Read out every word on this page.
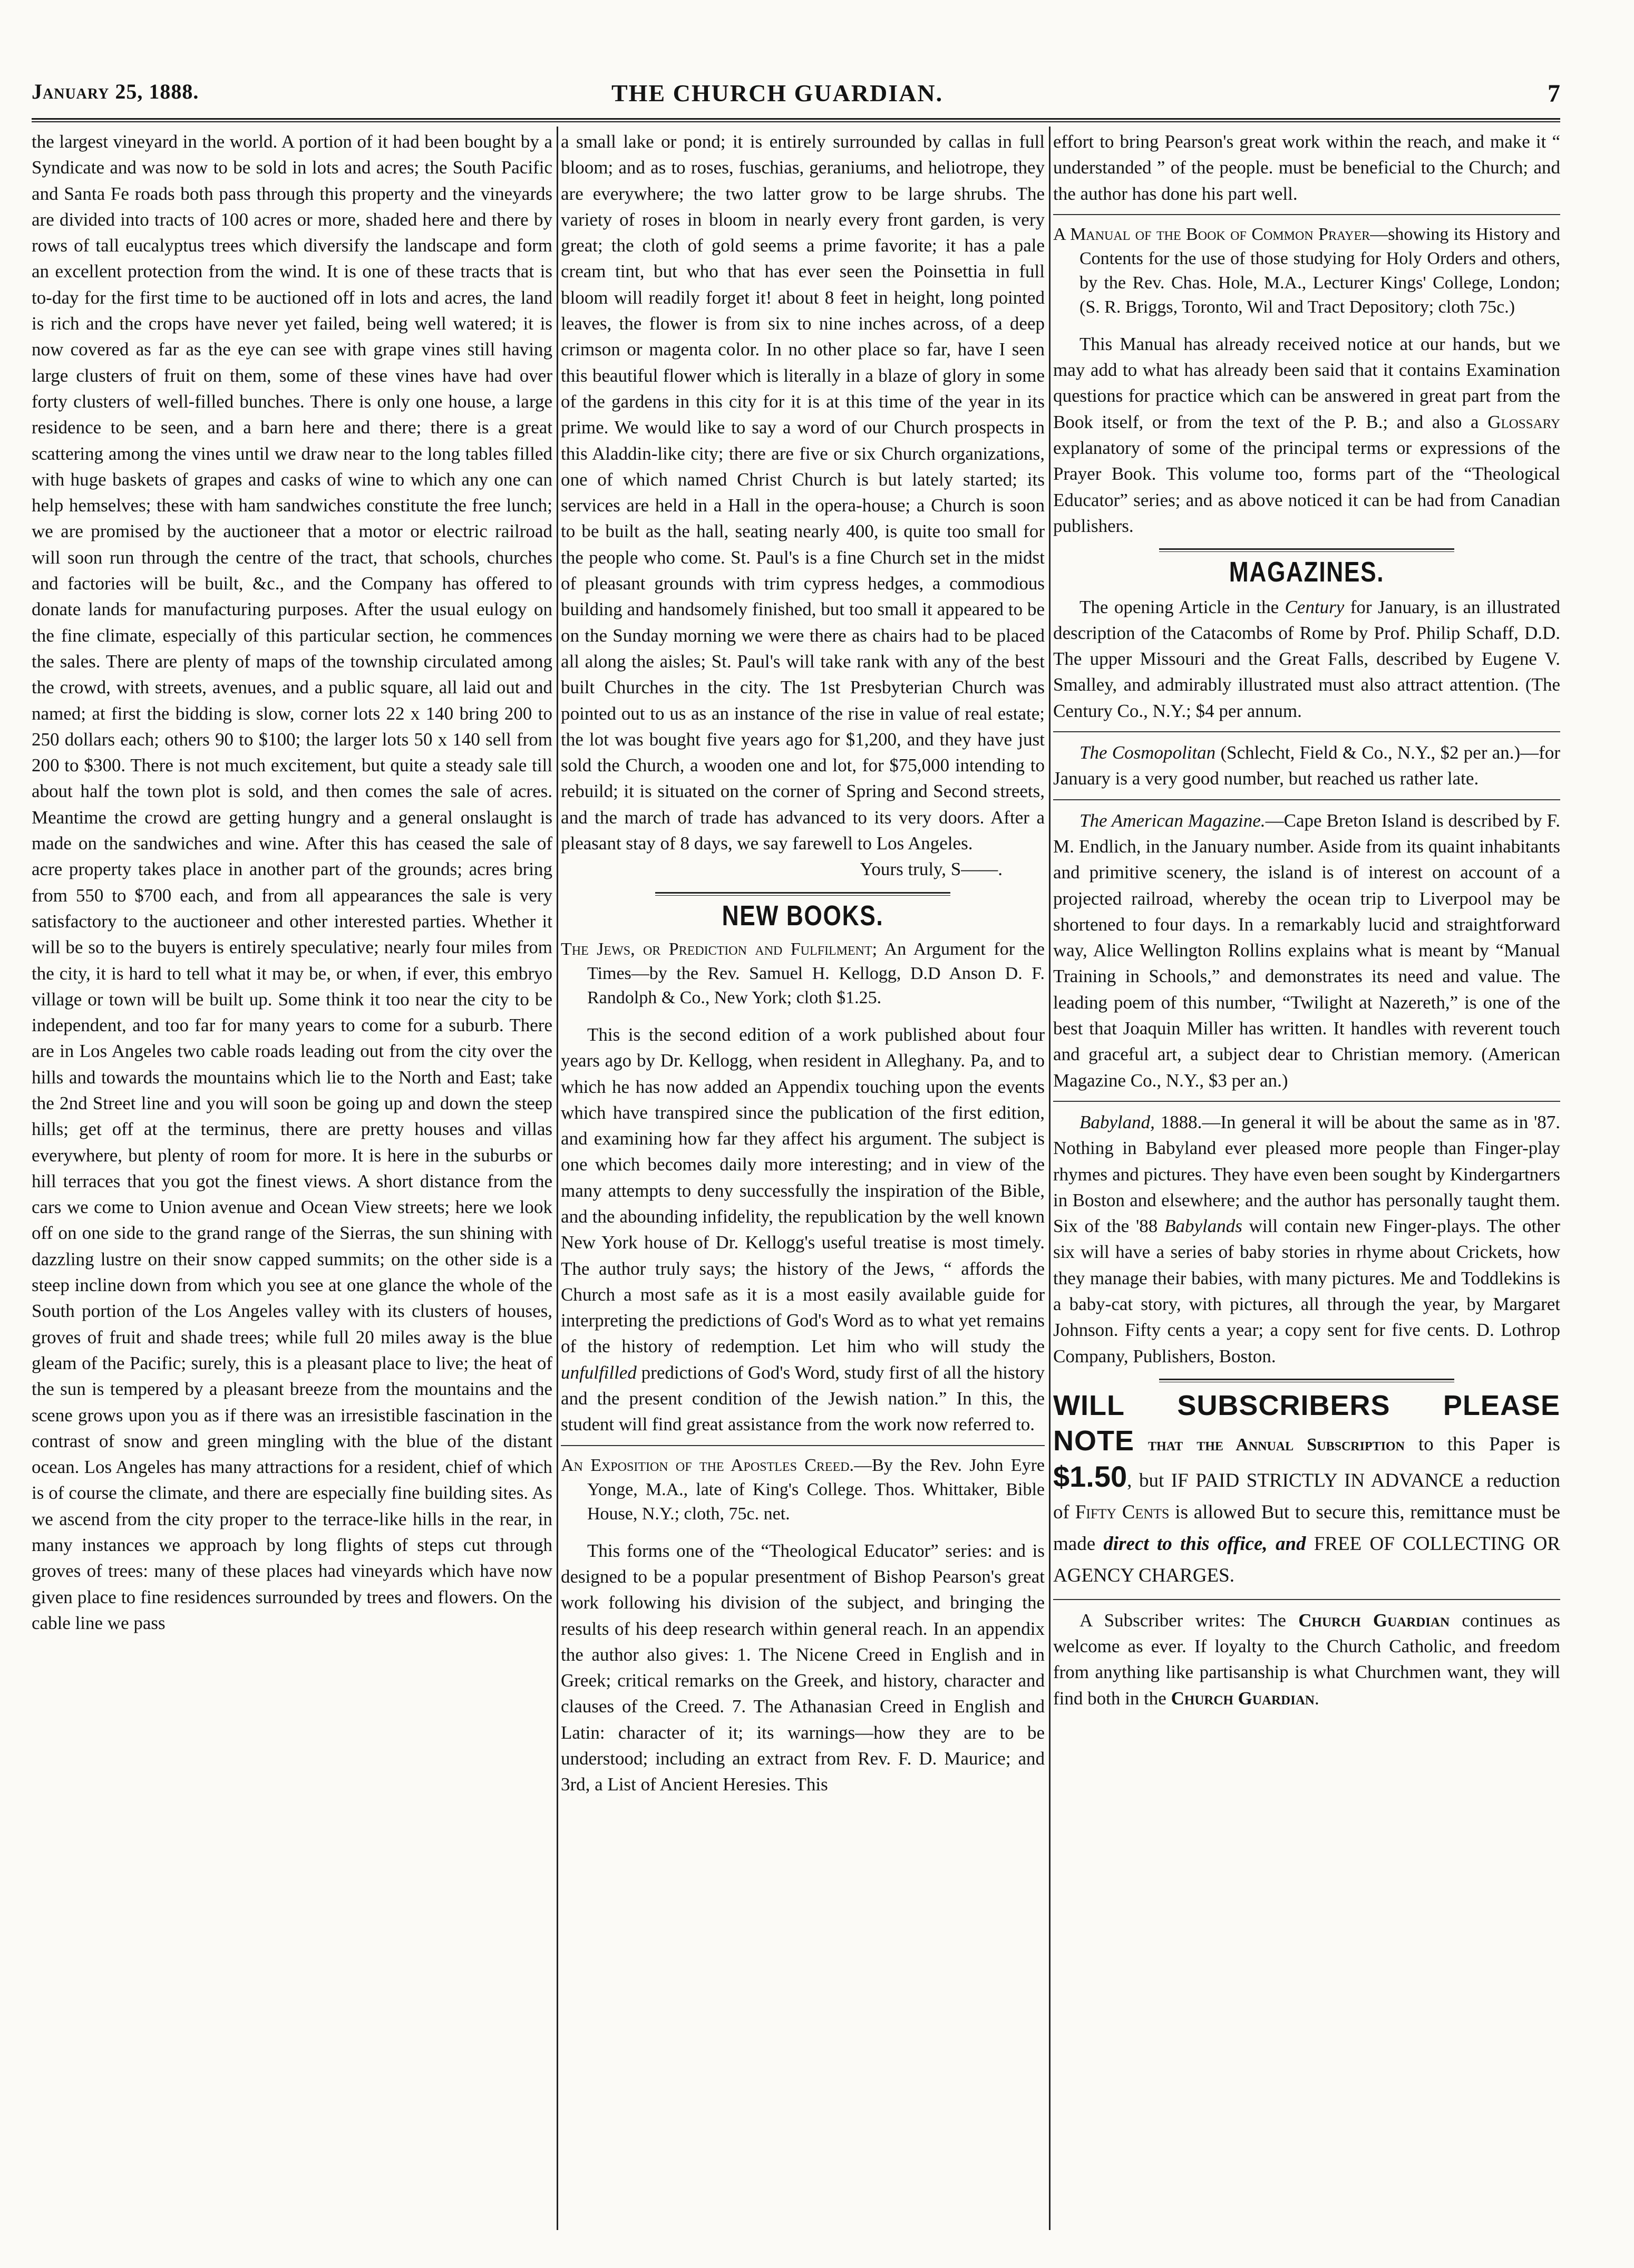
January 25, 1888.	THE CHURCH GUARDIAN.	7

the largest vineyard in the world. A portion of it had been bought by a Syndicate and was now to be sold in lots and acres; the South Pacific and Santa Fe roads both pass through this property and the vineyards are divided into tracts of 100 acres or more, shaded here and there by rows of tall eucalyptus trees which diversify the landscape and form an excellent protection from the wind. It is one of these tracts that is to-day for the first time to be auctioned off in lots and acres, the land is rich and the crops have never yet failed, being well watered; it is now covered as far as the eye can see with grape vines still having large clusters of fruit on them, some of these vines have had over forty clusters of well-filled bunches. There is only one house, a large residence to be seen, and a barn here and there; there is a great scattering among the vines until we draw near to the long tables filled with huge baskets of grapes and casks of wine to which any one can help hemselves; these with ham sandwiches constitute the free lunch; we are promised by the auctioneer that a motor or electric railroad will soon run through the centre of the tract, that schools, churches and factories will be built, &c., and the Company has offered to donate lands for manufacturing purposes. After the usual eulogy on the fine climate, especially of this particular section, he commences the sales. There are plenty of maps of the township circulated among the crowd, with streets, avenues, and a public square, all laid out and named; at first the bidding is slow, corner lots 22 x 140 bring 200 to 250 dollars each; others 90 to $100; the larger lots 50 x 140 sell from 200 to $300. There is not much excitement, but quite a steady sale till about half the town plot is sold, and then comes the sale of acres. Meantime the crowd are getting hungry and a general onslaught is made on the sandwiches and wine. After this has ceased the sale of acre property takes place in another part of the grounds; acres bring from 550 to $700 each, and from all appearances the sale is very satisfactory to the auctioneer and other interested parties. Whether it will be so to the buyers is entirely speculative; nearly four miles from the city, it is hard to tell what it may be, or when, if ever, this embryo village or town will be built up. Some think it too near the city to be independent, and too far for many years to come for a suburb. There are in Los Angeles two cable roads leading out from the city over the hills and towards the mountains which lie to the North and East; take the 2nd Street line and you will soon be going up and down the steep hills; get off at the terminus, there are pretty houses and villas everywhere, but plenty of room for more. It is here in the suburbs or hill terraces that you got the finest views. A short distance from the cars we come to Union avenue and Ocean View streets; here we look off on one side to the grand range of the Sierras, the sun shining with dazzling lustre on their snow capped summits; on the other side is a steep incline down from which you see at one glance the whole of the South portion of the Los Angeles valley with its clusters of houses, groves of fruit and shade trees; while full 20 miles away is the blue gleam of the Pacific; surely, this is a pleasant place to live; the heat of the sun is tempered by a pleasant breeze from the mountains and the scene grows upon you as if there was an irresistible fascination in the contrast of snow and green mingling with the blue of the distant ocean. Los Angeles has many attractions for a resident, chief of which is of course the climate, and there are especially fine building sites. As we ascend from the city proper to the terrace-like hills in the rear, in many instances we approach by long flights of steps cut through groves of trees: many of these places had vineyards which have now given place to fine residences surrounded by trees and flowers. On the cable line we pass

a small lake or pond; it is entirely surrounded by callas in full bloom; and as to roses, fuschias, geraniums, and heliotrope, they are everywhere; the two latter grow to be large shrubs. The variety of roses in bloom in nearly every front garden, is very great; the cloth of gold seems a prime favorite; it has a pale cream tint, but who that has ever seen the Poinsettia in full bloom will readily forget it! about 8 feet in height, long pointed leaves, the flower is from six to nine inches across, of a deep crimson or magenta color. In no other place so far, have I seen this beautiful flower which is literally in a blaze of glory in some of the gardens in this city for it is at this time of the year in its prime. We would like to say a word of our Church prospects in this Aladdin-like city; there are five or six Church organizations, one of which named Christ Church is but lately started; its services are held in a Hall in the opera-house; a Church is soon to be built as the hall, seating nearly 400, is quite too small for the people who come. St. Paul's is a fine Church set in the midst of pleasant grounds with trim cypress hedges, a commodious building and handsomely finished, but too small it appeared to be on the Sunday morning we were there as chairs had to be placed all along the aisles; St. Paul's will take rank with any of the best built Churches in the city. The 1st Presbyterian Church was pointed out to us as an instance of the rise in value of real estate; the lot was bought five years ago for $1,200, and they have just sold the Church, a wooden one and lot, for $75,000 intending to rebuild; it is situated on the corner of Spring and Second streets, and the march of trade has advanced to its very doors. After a pleasant stay of 8 days, we say farewell to Los Angeles.

Yours truly, S——.

NEW BOOKS.

The Jews, or Prediction and Fulfilment; An Argument for the Times—by the Rev. Samuel H. Kellogg, D.D Anson D. F. Randolph & Co., New York; cloth $1.25.

This is the second edition of a work published about four years ago by Dr. Kellogg, when resident in Alleghany. Pa, and to which he has now added an Appendix touching upon the events which have transpired since the publication of the first edition, and examining how far they affect his argument. The subject is one which becomes daily more interesting; and in view of the many attempts to deny successfully the inspiration of the Bible, and the abounding infidelity, the republication by the well known New York house of Dr. Kellogg's useful treatise is most timely. The author truly says; the history of the Jews, “ affords the Church a most safe as it is a most easily available guide for interpreting the predictions of God's Word as to what yet remains of the history of redemption. Let him who will study the unfulfilled predictions of God's Word, study first of all the history and the present condition of the Jewish nation.” In this, the student will find great assistance from the work now referred to.

An Exposition of the Apostles Creed.—By the Rev. John Eyre Yonge, M.A., late of King's College. Thos. Whittaker, Bible House, N.Y.; cloth, 75c. net.

This forms one of the “Theological Educator” series: and is designed to be a popular presentment of Bishop Pearson's great work following his division of the subject, and bringing the results of his deep research within general reach. In an appendix the author also gives: 1. The Nicene Creed in English and in Greek; critical remarks on the Greek, and history, character and clauses of the Creed. 7. The Athanasian Creed in English and Latin: character of it; its warnings—how they are to be understood; including an extract from Rev. F. D. Maurice; and 3rd, a List of Ancient Heresies. This

effort to bring Pearson's great work within the reach, and make it “ understanded ” of the people. must be beneficial to the Church; and the author has done his part well.

A Manual of the Book of Common Prayer—showing its History and Contents for the use of those studying for Holy Orders and others, by the Rev. Chas. Hole, M.A., Lecturer Kings' College, London; (S. R. Briggs, Toronto, Wil and Tract Depository; cloth 75c.)

This Manual has already received notice at our hands, but we may add to what has already been said that it contains Examination questions for practice which can be answered in great part from the Book itself, or from the text of the P. B.; and also a Glossary explanatory of some of the principal terms or expressions of the Prayer Book. This volume too, forms part of the “Theological Educator” series; and as above noticed it can be had from Canadian publishers.

MAGAZINES.

The opening Article in the Century for January, is an illustrated description of the Catacombs of Rome by Prof. Philip Schaff, D.D. The upper Missouri and the Great Falls, described by Eugene V. Smalley, and admirably illustrated must also attract attention. (The Century Co., N.Y.; $4 per annum.

The Cosmopolitan (Schlecht, Field & Co., N.Y., $2 per an.)—for January is a very good number, but reached us rather late.

The American Magazine.—Cape Breton Island is described by F. M. Endlich, in the January number. Aside from its quaint inhabitants and primitive scenery, the island is of interest on account of a projected railroad, whereby the ocean trip to Liverpool may be shortened to four days. In a remarkably lucid and straightforward way, Alice Wellington Rollins explains what is meant by “Manual Training in Schools,” and demonstrates its need and value. The leading poem of this number, “Twilight at Nazereth,” is one of the best that Joaquin Miller has written. It handles with reverent touch and graceful art, a subject dear to Christian memory. (American Magazine Co., N.Y., $3 per an.)

Babyland, 1888.—In general it will be about the same as in '87. Nothing in Babyland ever pleased more people than Finger-play rhymes and pictures. They have even been sought by Kindergartners in Boston and elsewhere; and the author has personally taught them. Six of the '88 Babylands will contain new Finger-plays. The other six will have a series of baby stories in rhyme about Crickets, how they manage their babies, with many pictures. Me and Toddlekins is a baby-cat story, with pictures, all through the year, by Margaret Johnson. Fifty cents a year; a copy sent for five cents. D. Lothrop Company, Publishers, Boston.

WILL SUBSCRIBERS PLEASE NOTE that the Annual Subscription to this Paper is $1.50, but IF PAID STRICTLY IN ADVANCE a reduction of Fifty Cents is allowed But to secure this, remittance must be made direct to this office, and FREE OF COLLECTING OR AGENCY CHARGES.

A Subscriber writes: The Church Guardian continues as welcome as ever. If loyalty to the Church Catholic, and freedom from anything like partisanship is what Churchmen want, they will find both in the Church Guardian.
